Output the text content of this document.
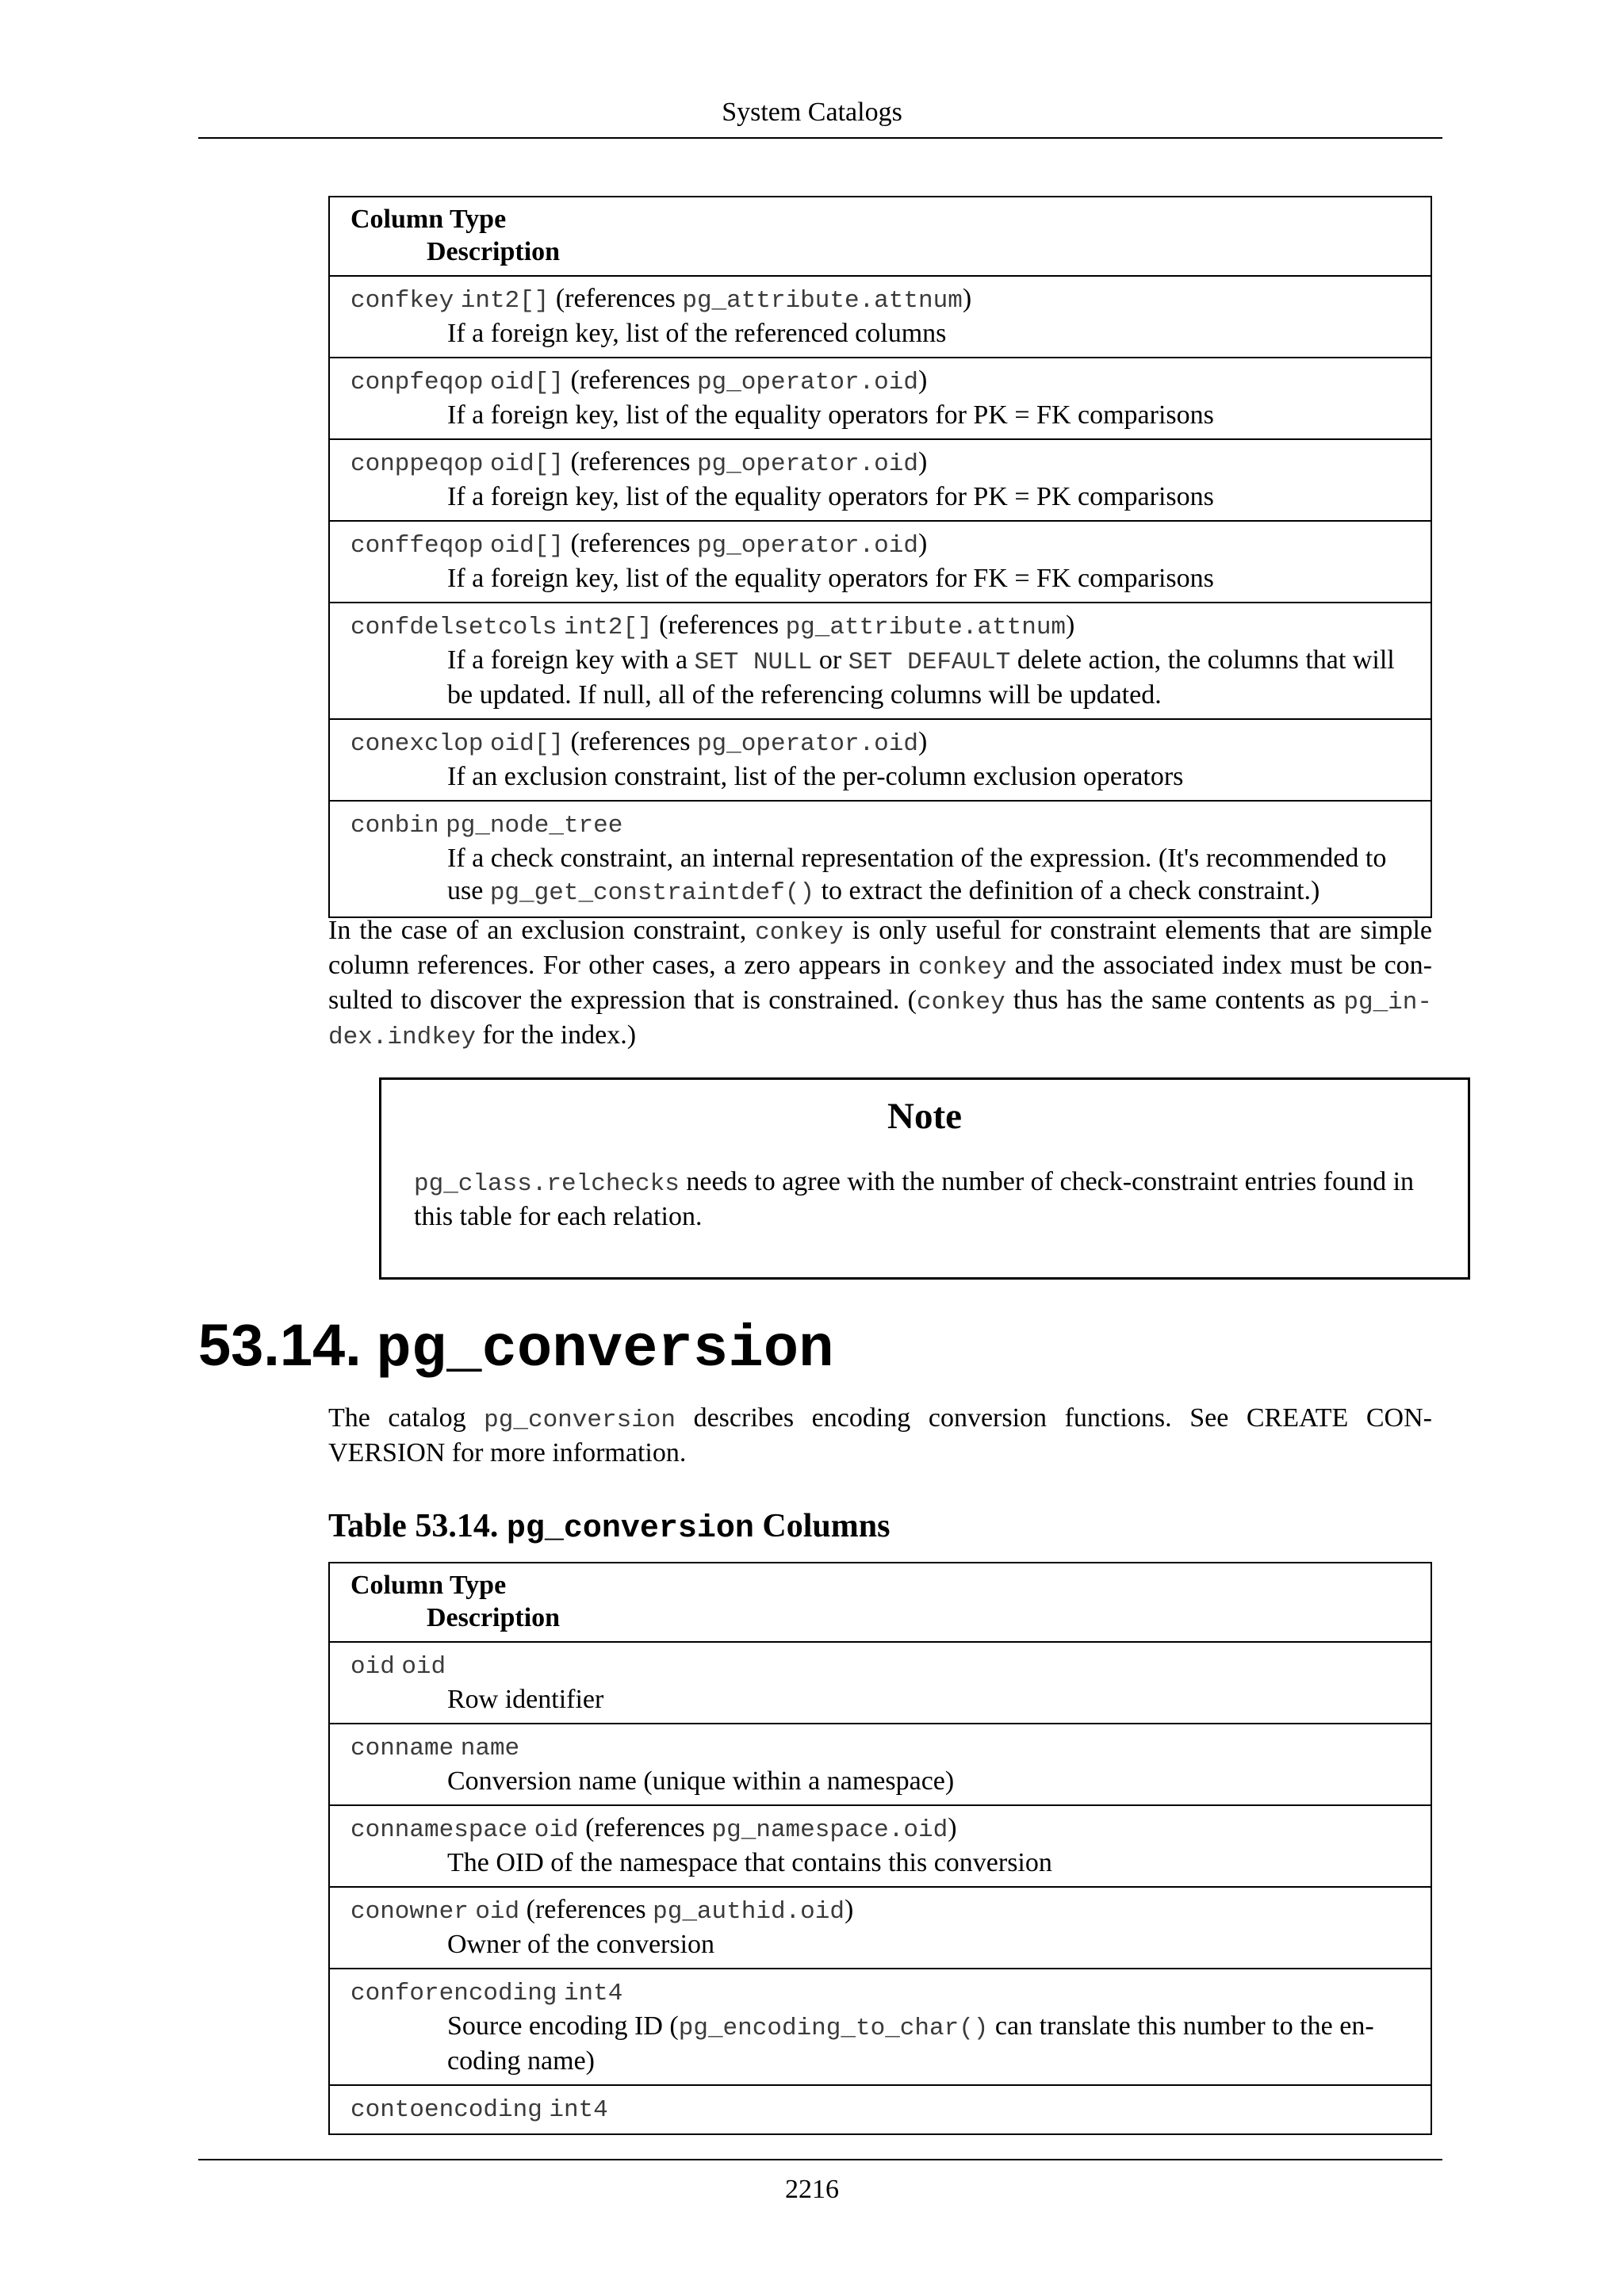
System Catalogs
Column Type
Description

confkey int2[] (references pg_attribute.attnum)
If a foreign key, list of the referenced columns

conpfeqop oid[] (references pg_operator.oid)
If a foreign key, list of the equality operators for PK = FK comparisons

conppeqop oid[] (references pg_operator.oid)
If a foreign key, list of the equality operators for PK = PK comparisons

conffeqop oid[] (references pg_operator.oid)
If a foreign key, list of the equality operators for FK = FK comparisons

confdelsetcols int2[] (references pg_attribute.attnum)
If a foreign key with a SET NULL or SET DEFAULT delete action, the columns that will be updated. If null, all of the referencing columns will be updated.

conexclop oid[] (references pg_operator.oid)
If an exclusion constraint, list of the per-column exclusion operators

conbin pg_node_tree
If a check constraint, an internal representation of the expression. (It's recommended to use pg_get_constraintdef() to extract the definition of a check constraint.)
In the case of an exclusion constraint, conkey is only useful for constraint elements that are simple column references. For other cases, a zero appears in conkey and the associated index must be consulted to discover the expression that is constrained. (conkey thus has the same contents as pg_index.indkey for the index.)
Note
pg_class.relchecks needs to agree with the number of check-constraint entries found in this table for each relation.
53.14. pg_conversion
The catalog pg_conversion describes encoding conversion functions. See CREATE CONVERSION for more information.
Table 53.14. pg_conversion Columns
Column Type
Description

oid oid
Row identifier

conname name
Conversion name (unique within a namespace)

connamespace oid (references pg_namespace.oid)
The OID of the namespace that contains this conversion

conowner oid (references pg_authid.oid)
Owner of the conversion

conforencoding int4
Source encoding ID (pg_encoding_to_char() can translate this number to the encoding name)

contoencoding int4
2216
